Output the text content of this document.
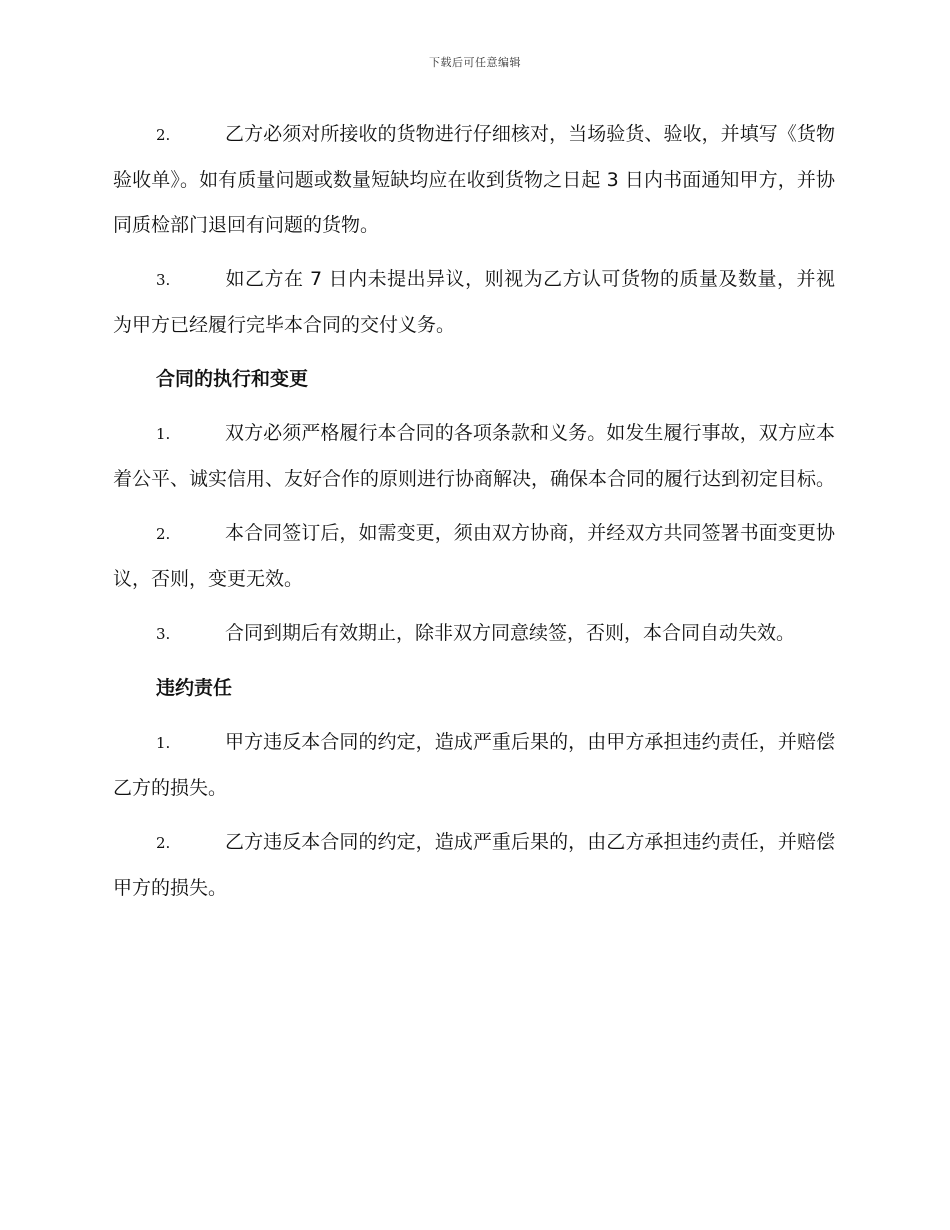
下载后可任意编辑

2.	乙方必须对所接收的货物进行仔细核对，当场验货、验收，并填写《货物验收单》。如有质量问题或数量短缺均应在收到货物之日起 3 日内书面通知甲方，并协同质检部门退回有问题的货物。

3.	如乙方在 7 日内未提出异议，则视为乙方认可货物的质量及数量，并视为甲方已经履行完毕本合同的交付义务。

合同的执行和变更

1.	双方必须严格履行本合同的各项条款和义务。如发生履行事故，双方应本着公平、诚实信用、友好合作的原则进行协商解决，确保本合同的履行达到初定目标。

2.	本合同签订后，如需变更，须由双方协商，并经双方共同签署书面变更协议，否则，变更无效。

3.	合同到期后有效期止，除非双方同意续签，否则，本合同自动失效。

违约责任

1.	甲方违反本合同的约定，造成严重后果的，由甲方承担违约责任，并赔偿乙方的损失。

2.	乙方违反本合同的约定，造成严重后果的，由乙方承担违约责任，并赔偿甲方的损失。
